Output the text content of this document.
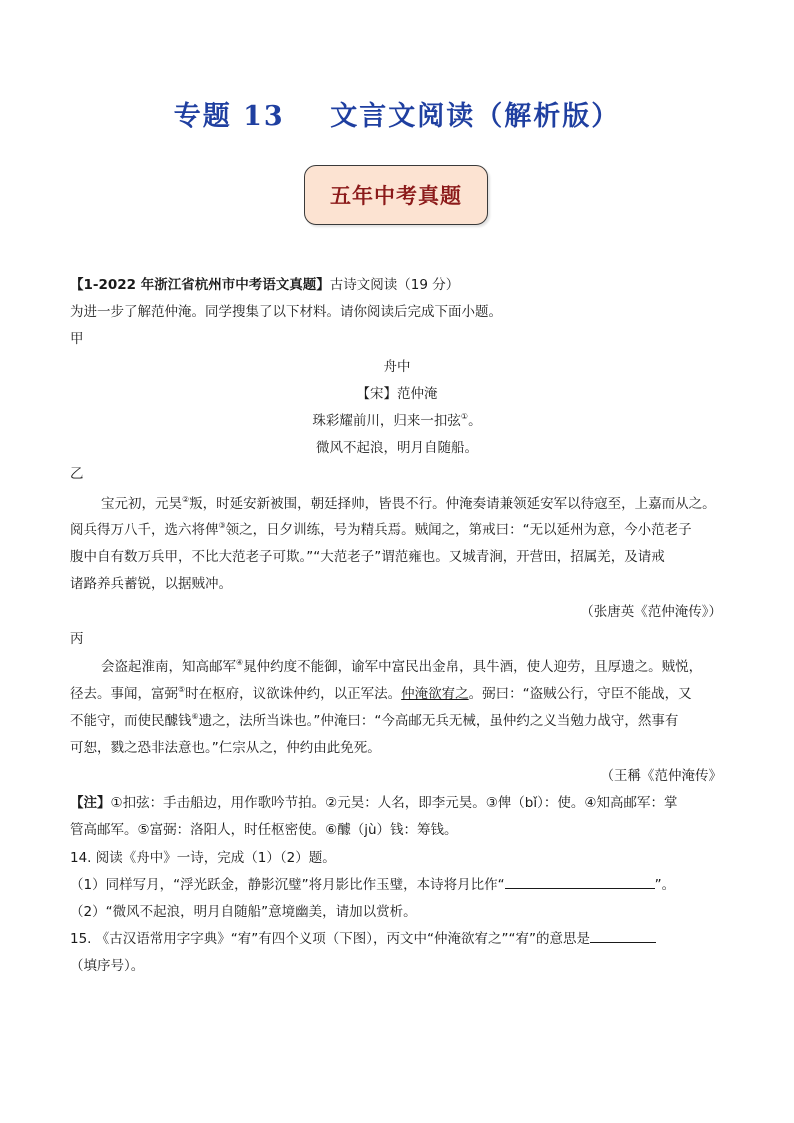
专题 13    文言文阅读（解析版）
五年中考真题
【1-2022 年浙江省杭州市中考语文真题】古诗文阅读（19 分）
为进一步了解范仲淹。同学搜集了以下材料。请你阅读后完成下面小题。
甲
舟中
【宋】范仲淹
珠彩耀前川，归来一扣弦①。
微风不起浪，明月自随船。
乙
宝元初，元昊②叛，时延安新被围，朝廷择帅，皆畏不行。仲淹奏请兼领延安军以待寇至，上嘉而从之。
阅兵得万八千，选六将俾③领之，日夕训练，号为精兵焉。贼闻之，第戒曰：“无以延州为意，今小范老子
腹中自有数万兵甲，不比大范老子可欺。”“大范老子”谓范雍也。又城青涧，开营田，招属羌，及请戒
诸路养兵蓄锐，以据贼冲。
（张唐英《范仲淹传》）
丙
会盗起淮南，知高邮军④晁仲约度不能御，谕军中富民出金帛，具牛酒，使人迎劳，且厚遗之。贼悦，
径去。事闻，富弼⑤时在枢府，议欲诛仲约，以正军法。仲淹欲宥之。弼曰：“盗贼公行，守臣不能战，又
不能守，而使民醵钱⑥遗之，法所当诛也。”仲淹曰：“今高邮无兵无械，虽仲约之义当勉力战守，然事有
可恕，戮之恐非法意也。”仁宗从之，仲约由此免死。
（王稱《范仲淹传》
【注】①扣弦：手击船边，用作歌吟节拍。②元昊：人名，即李元昊。③俾（bǐ）：使。④知高邮军：掌
管高邮军。⑤富弼：洛阳人，时任枢密使。⑥醵（jù）钱：筹钱。
14. 阅读《舟中》一诗，完成（1）（2）题。
（1）同样写月，“浮光跃金，静影沉璧”将月影比作玉璧，本诗将月比作“	”。
（2）“微风不起浪，明月自随船”意境幽美，请加以赏析。
15. 《古汉语常用字字典》“宥”有四个义项（下图），丙文中“仲淹欲宥之”“宥”的意思是
（填序号）。
